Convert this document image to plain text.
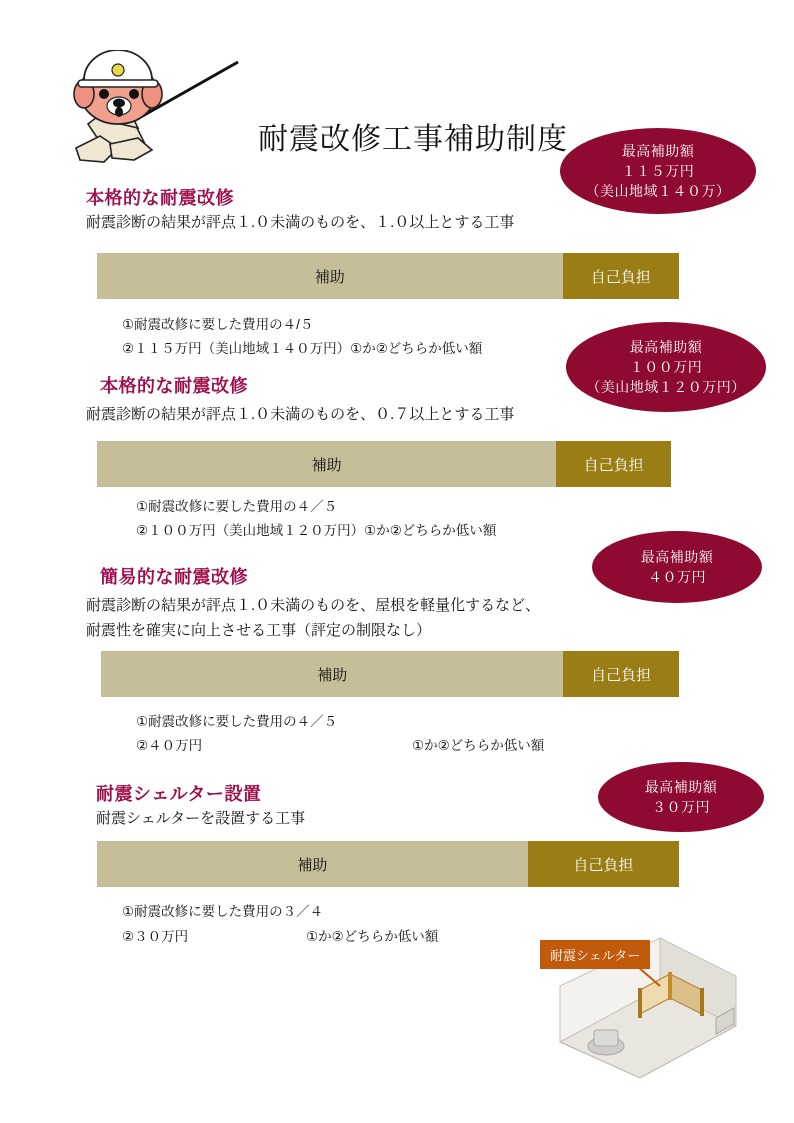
耐震改修工事補助制度
本格的な耐震改修
耐震診断の結果が評点１.０未満のものを、１.０以上とする工事
補助	自己負担
①耐震改修に要した費用の４/５
②１１５万円（美山地域１４０万円）①か②どちらか低い額
最高補助額
１１５万円
（美山地域１４０万）
本格的な耐震改修
耐震診断の結果が評点１.０未満のものを、０.７以上とする工事
補助	自己負担
①耐震改修に要した費用の４／５
②１００万円（美山地域１２０万円）①か②どちらか低い額
最高補助額
１００万円
（美山地域１２０万円）
簡易的な耐震改修
耐震診断の結果が評点１.０未満のものを、屋根を軽量化するなど、
耐震性を確実に向上させる工事（評定の制限なし）
補助	自己負担
①耐震改修に要した費用の４／５
②４０万円	①か②どちらか低い額
最高補助額
４０万円
耐震シェルター設置
耐震シェルターを設置する工事
補助	自己負担
①耐震改修に要した費用の３／４
②３０万円	①か②どちらか低い額
最高補助額
３０万円
耐震シェルター
